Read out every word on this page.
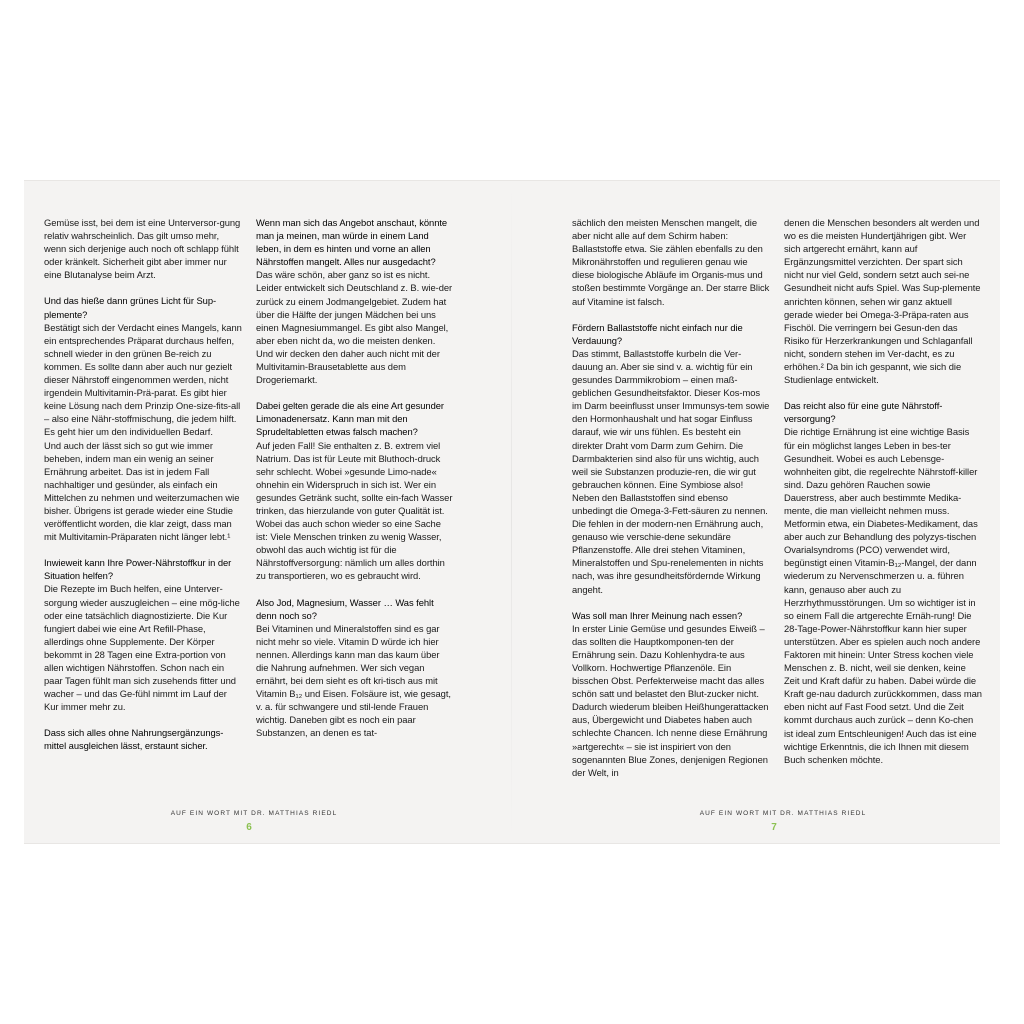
Gemüse isst, bei dem ist eine Unterversor-gung relativ wahrscheinlich. Das gilt umso mehr, wenn sich derjenige auch noch oft schlapp fühlt oder kränkelt. Sicherheit gibt aber immer nur eine Blutanalyse beim Arzt.

Und das hieße dann grünes Licht für Sup-plemente?

Bestätigt sich der Verdacht eines Mangels, kann ein entsprechendes Präparat durchaus helfen, schnell wieder in den grünen Be-reich zu kommen. Es sollte dann aber auch nur gezielt dieser Nährstoff eingenommen werden, nicht irgendein Multivitamin-Prä-parat. Es gibt hier keine Lösung nach dem Prinzip One-size-fits-all – also eine Nähr-stoffmischung, die jedem hilft. Es geht hier um den individuellen Bedarf.

Und auch der lässt sich so gut wie immer beheben, indem man ein wenig an seiner Ernährung arbeitet. Das ist in jedem Fall nachhaltiger und gesünder, als einfach ein Mittelchen zu nehmen und weiterzumachen wie bisher. Übrigens ist gerade wieder eine Studie veröffentlicht worden, die klar zeigt, dass man mit Multivitamin-Präparaten nicht länger lebt.¹

Inwieweit kann Ihre Power-Nährstoffkur in der Situation helfen?

Die Rezepte im Buch helfen, eine Unterver-sorgung wieder auszugleichen – eine mög-liche oder eine tatsächlich diagnostizierte. Die Kur fungiert dabei wie eine Art Refill-Phase, allerdings ohne Supplemente. Der Körper bekommt in 28 Tagen eine Extra-portion von allen wichtigen Nährstoffen. Schon nach ein paar Tagen fühlt man sich zusehends fitter und wacher – und das Ge-fühl nimmt im Lauf der Kur immer mehr zu.

Dass sich alles ohne Nahrungsergänzungs-mittel ausgleichen lässt, erstaunt sicher.

Wenn man sich das Angebot anschaut, könnte man ja meinen, man würde in einem Land leben, in dem es hinten und vorne an allen Nährstoffen mangelt. Alles nur ausgedacht?

Das wäre schön, aber ganz so ist es nicht. Leider entwickelt sich Deutschland z. B. wie-der zurück zu einem Jodmangelgebiet. Zudem hat über die Hälfte der jungen Mädchen bei uns einen Magnesiummangel. Es gibt also Mangel, aber eben nicht da, wo die meisten denken. Und wir decken den daher auch nicht mit der Multivitamin-Brausetablette aus dem Drogeriemarkt.

Dabei gelten gerade die als eine Art gesunder Limonadenersatz. Kann man mit den Sprudeltabletten etwas falsch machen?

Auf jeden Fall! Sie enthalten z. B. extrem viel Natrium. Das ist für Leute mit Bluthoch-druck sehr schlecht. Wobei »gesunde Limo-nade« ohnehin ein Widerspruch in sich ist. Wer ein gesundes Getränk sucht, sollte ein-fach Wasser trinken, das hierzulande von guter Qualität ist. Wobei das auch schon wieder so eine Sache ist: Viele Menschen trinken zu wenig Wasser, obwohl das auch wichtig ist für die Nährstoffversorgung: nämlich um alles dorthin zu transportieren, wo es gebraucht wird.

Also Jod, Magnesium, Wasser … Was fehlt denn noch so?

Bei Vitaminen und Mineralstoffen sind es gar nicht mehr so viele. Vitamin D würde ich hier nennen. Allerdings kann man das kaum über die Nahrung aufnehmen. Wer sich vegan ernährt, bei dem sieht es oft kri-tisch aus mit Vitamin B₁₂ und Eisen. Folsäure ist, wie gesagt, v. a. für schwangere und stil-lende Frauen wichtig. Daneben gibt es noch ein paar Substanzen, an denen es tat-

sächlich den meisten Menschen mangelt, die aber nicht alle auf dem Schirm haben: Ballaststoffe etwa. Sie zählen ebenfalls zu den Mikronährstoffen und regulieren genau wie diese biologische Abläufe im Organis-mus und stoßen bestimmte Vorgänge an. Der starre Blick auf Vitamine ist falsch.

Fördern Ballaststoffe nicht einfach nur die Verdauung?

Das stimmt, Ballaststoffe kurbeln die Ver-dauung an. Aber sie sind v. a. wichtig für ein gesundes Darmmikrobiom – einen maß-geblichen Gesundheitsfaktor. Dieser Kos-mos im Darm beeinflusst unser Immunsys-tem sowie den Hormonhaushalt und hat sogar Einfluss darauf, wie wir uns fühlen. Es besteht ein direkter Draht vom Darm zum Gehirn. Die Darmbakterien sind also für uns wichtig, auch weil sie Substanzen produzie-ren, die wir gut gebrauchen können. Eine Symbiose also! Neben den Ballaststoffen sind ebenso unbedingt die Omega-3-Fett-säuren zu nennen. Die fehlen in der modern-nen Ernährung auch, genauso wie verschie-dene sekundäre Pflanzenstoffe. Alle drei stehen Vitaminen, Mineralstoffen und Spu-renelementen in nichts nach, was ihre gesundheitsfördernde Wirkung angeht.

Was soll man Ihrer Meinung nach essen?

In erster Linie Gemüse und gesundes Eiweiß – das sollten die Hauptkomponen-ten der Ernährung sein. Dazu Kohlenhydra-te aus Vollkorn. Hochwertige Pflanzenöle. Ein bisschen Obst. Perfekterweise macht das alles schön satt und belastet den Blut-zucker nicht. Dadurch wiederum bleiben Heißhungerattacken aus, Übergewicht und Diabetes haben auch schlechte Chancen. Ich nenne diese Ernährung »artgerecht« – sie ist inspiriert von den sogenannten Blue Zones, denjenigen Regionen der Welt, in

denen die Menschen besonders alt werden und wo es die meisten Hundertjährigen gibt. Wer sich artgerecht ernährt, kann auf Ergänzungsmittel verzichten. Der spart sich nicht nur viel Geld, sondern setzt auch sei-ne Gesundheit nicht aufs Spiel. Was Sup-plemente anrichten können, sehen wir ganz aktuell gerade wieder bei Omega-3-Präpa-raten aus Fischöl. Die verringern bei Gesun-den das Risiko für Herzerkrankungen und Schlaganfall nicht, sondern stehen im Ver-dacht, es zu erhöhen.² Da bin ich gespannt, wie sich die Studienlage entwickelt.

Das reicht also für eine gute Nährstoff-versorgung?

Die richtige Ernährung ist eine wichtige Basis für ein möglichst langes Leben in bes-ter Gesundheit. Wobei es auch Lebensge-wohnheiten gibt, die regelrechte Nährstoff-killer sind. Dazu gehören Rauchen sowie Dauerstress, aber auch bestimmte Medika-mente, die man vielleicht nehmen muss. Metformin etwa, ein Diabetes-Medikament, das aber auch zur Behandlung des polyzys-tischen Ovarialsyndroms (PCO) verwendet wird, begünstigt einen Vitamin-B₁₂-Mangel, der dann wiederum zu Nervenschmerzen u. a. führen kann, genauso aber auch zu Herzrhythmusstörungen. Um so wichtiger ist in so einem Fall die artgerechte Ernäh-rung! Die 28-Tage-Power-Nährstoffkur kann hier super unterstützen. Aber es spielen auch noch andere Faktoren mit hinein: Unter Stress kochen viele Menschen z. B. nicht, weil sie denken, keine Zeit und Kraft dafür zu haben. Dabei würde die Kraft ge-nau dadurch zurückkommen, dass man eben nicht auf Fast Food setzt. Und die Zeit kommt durchaus auch zurück – denn Ko-chen ist ideal zum Entschleunigen! Auch das ist eine wichtige Erkenntnis, die ich Ihnen mit diesem Buch schenken möchte.

AUF EIN WORT MIT DR. MATTHIAS RIEDL
6
AUF EIN WORT MIT DR. MATTHIAS RIEDL
7
